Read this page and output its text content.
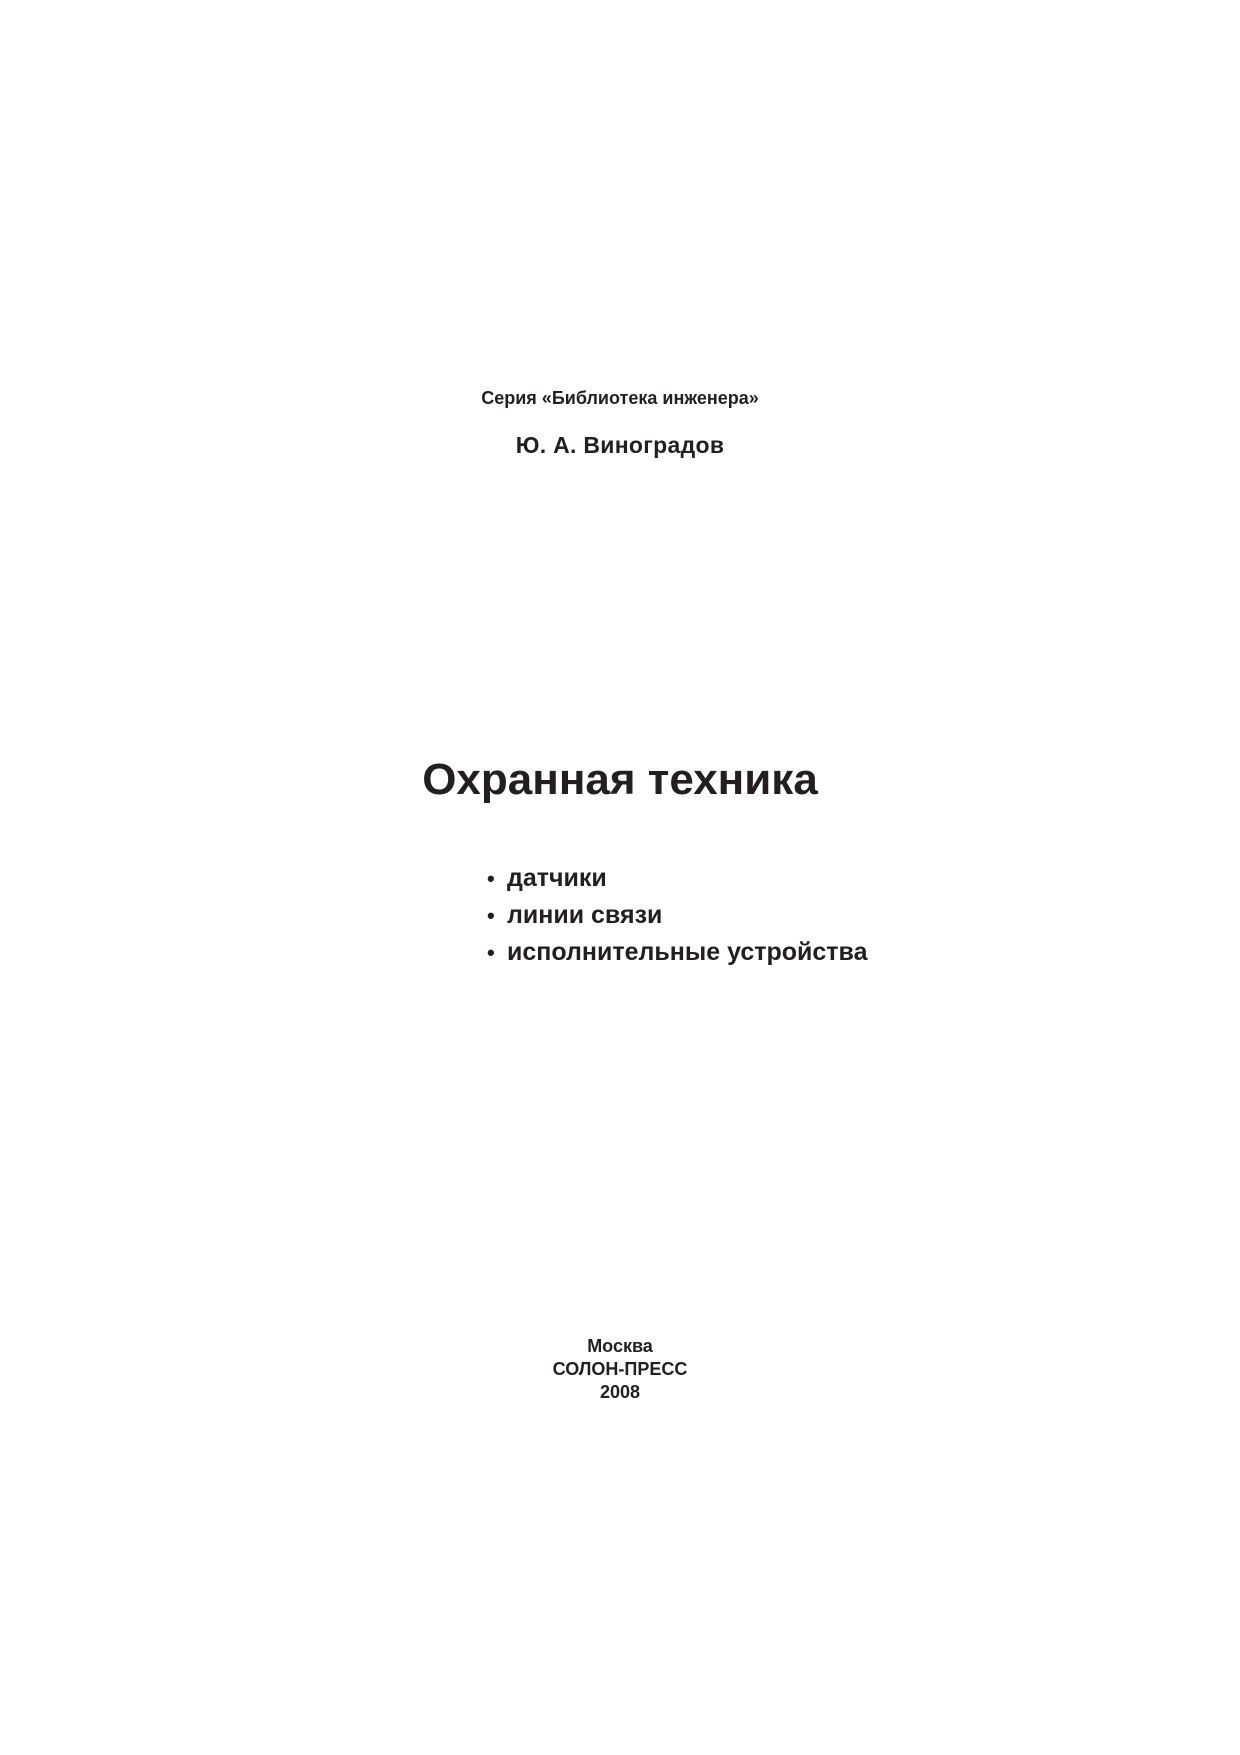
Серия «Библиотека инженера»
Ю. А. Виноградов
Охранная техника
• датчики
• линии связи
• исполнительные устройства
Москва
СОЛОН-ПРЕСС
2008
